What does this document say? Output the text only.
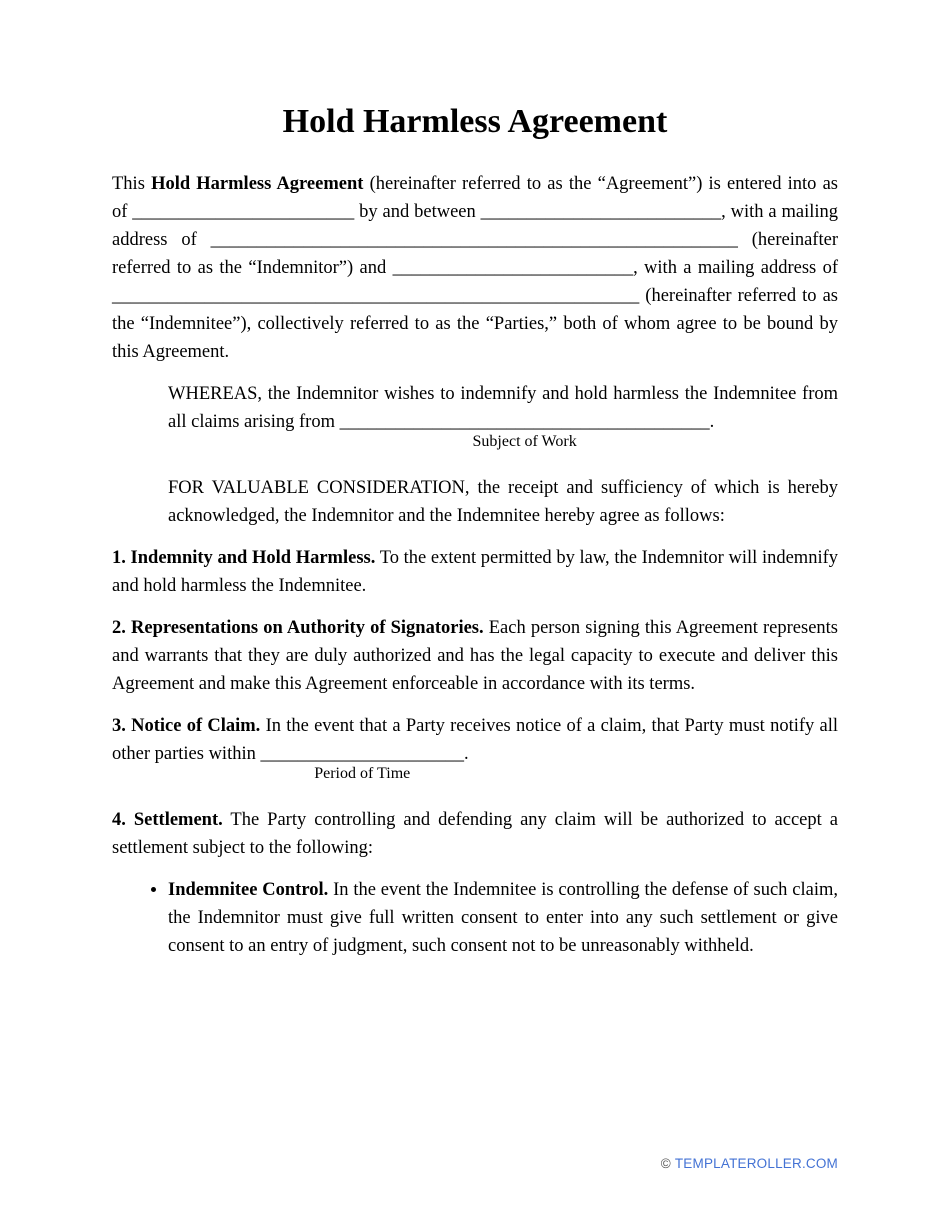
Hold Harmless Agreement

This Hold Harmless Agreement (hereinafter referred to as the “Agreement”) is entered into as of ________________________ by and between __________________________, with a mailing address of _________________________________________________________ (hereinafter referred to as the “Indemnitor”) and __________________________, with a mailing address of _________________________________________________________ (hereinafter referred to as the “Indemnitee”), collectively referred to as the “Parties,” both of whom agree to be bound by this Agreement.

WHEREAS, the Indemnitor wishes to indemnify and hold harmless the Indemnitee from all claims arising from ________________________________________
Subject of Work
.

FOR VALUABLE CONSIDERATION, the receipt and sufficiency of which is hereby acknowledged, the Indemnitor and the Indemnitee hereby agree as follows:

1. Indemnity and Hold Harmless. To the extent permitted by law, the Indemnitor will indemnify and hold harmless the Indemnitee.

2. Representations on Authority of Signatories. Each person signing this Agreement represents and warrants that they are duly authorized and has the legal capacity to execute and deliver this Agreement and make this Agreement enforceable in accordance with its terms.

3. Notice of Claim. In the event that a Party receives notice of a claim, that Party must notify all other parties within ______________________
Period of Time
.

4. Settlement. The Party controlling and defending any claim will be authorized to accept a settlement subject to the following:

• Indemnitee Control. In the event the Indemnitee is controlling the defense of such claim, the Indemnitor must give full written consent to enter into any such settlement or give consent to an entry of judgment, such consent not to be unreasonably withheld.
© TEMPLATEROLLER.COM
